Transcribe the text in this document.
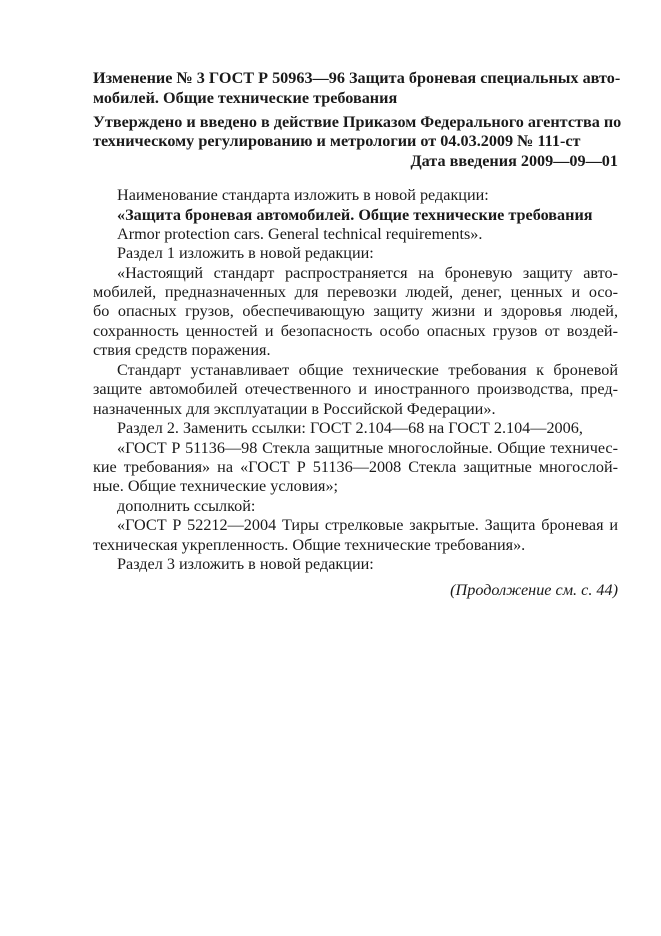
Изменение № 3 ГОСТ Р 50963—96 Защита броневая специальных авто-
мобилей. Общие технические требования
Утверждено и введено в действие Приказом Федерального агентства по
техническому регулированию и метрологии от 04.03.2009 № 111-ст
Дата введения 2009—09—01
Наименование стандарта изложить в новой редакции:
«Защита броневая автомобилей. Общие технические требования
Armor protection cars. General technical requirements».
Раздел 1 изложить в новой редакции:
«Настоящий стандарт распространяется на броневую защиту авто-
мобилей, предназначенных для перевозки людей, денег, ценных и осо-
бо опасных грузов, обеспечивающую защиту жизни и здоровья людей,
сохранность ценностей и безопасность особо опасных грузов от воздей-
ствия средств поражения.
Стандарт устанавливает общие технические требования к броневой
защите автомобилей отечественного и иностранного производства, пред-
назначенных для эксплуатации в Российской Федерации».
Раздел 2. Заменить ссылки: ГОСТ 2.104—68 на ГОСТ 2.104—2006,
«ГОСТ Р 51136—98 Стекла защитные многослойные. Общие техничес-
кие требования» на «ГОСТ Р 51136—2008 Стекла защитные многослой-
ные. Общие технические условия»;
дополнить ссылкой:
«ГОСТ Р 52212—2004 Тиры стрелковые закрытые. Защита броневая и
техническая укрепленность. Общие технические требования».
Раздел 3 изложить в новой редакции:
(Продолжение см. с. 44)
